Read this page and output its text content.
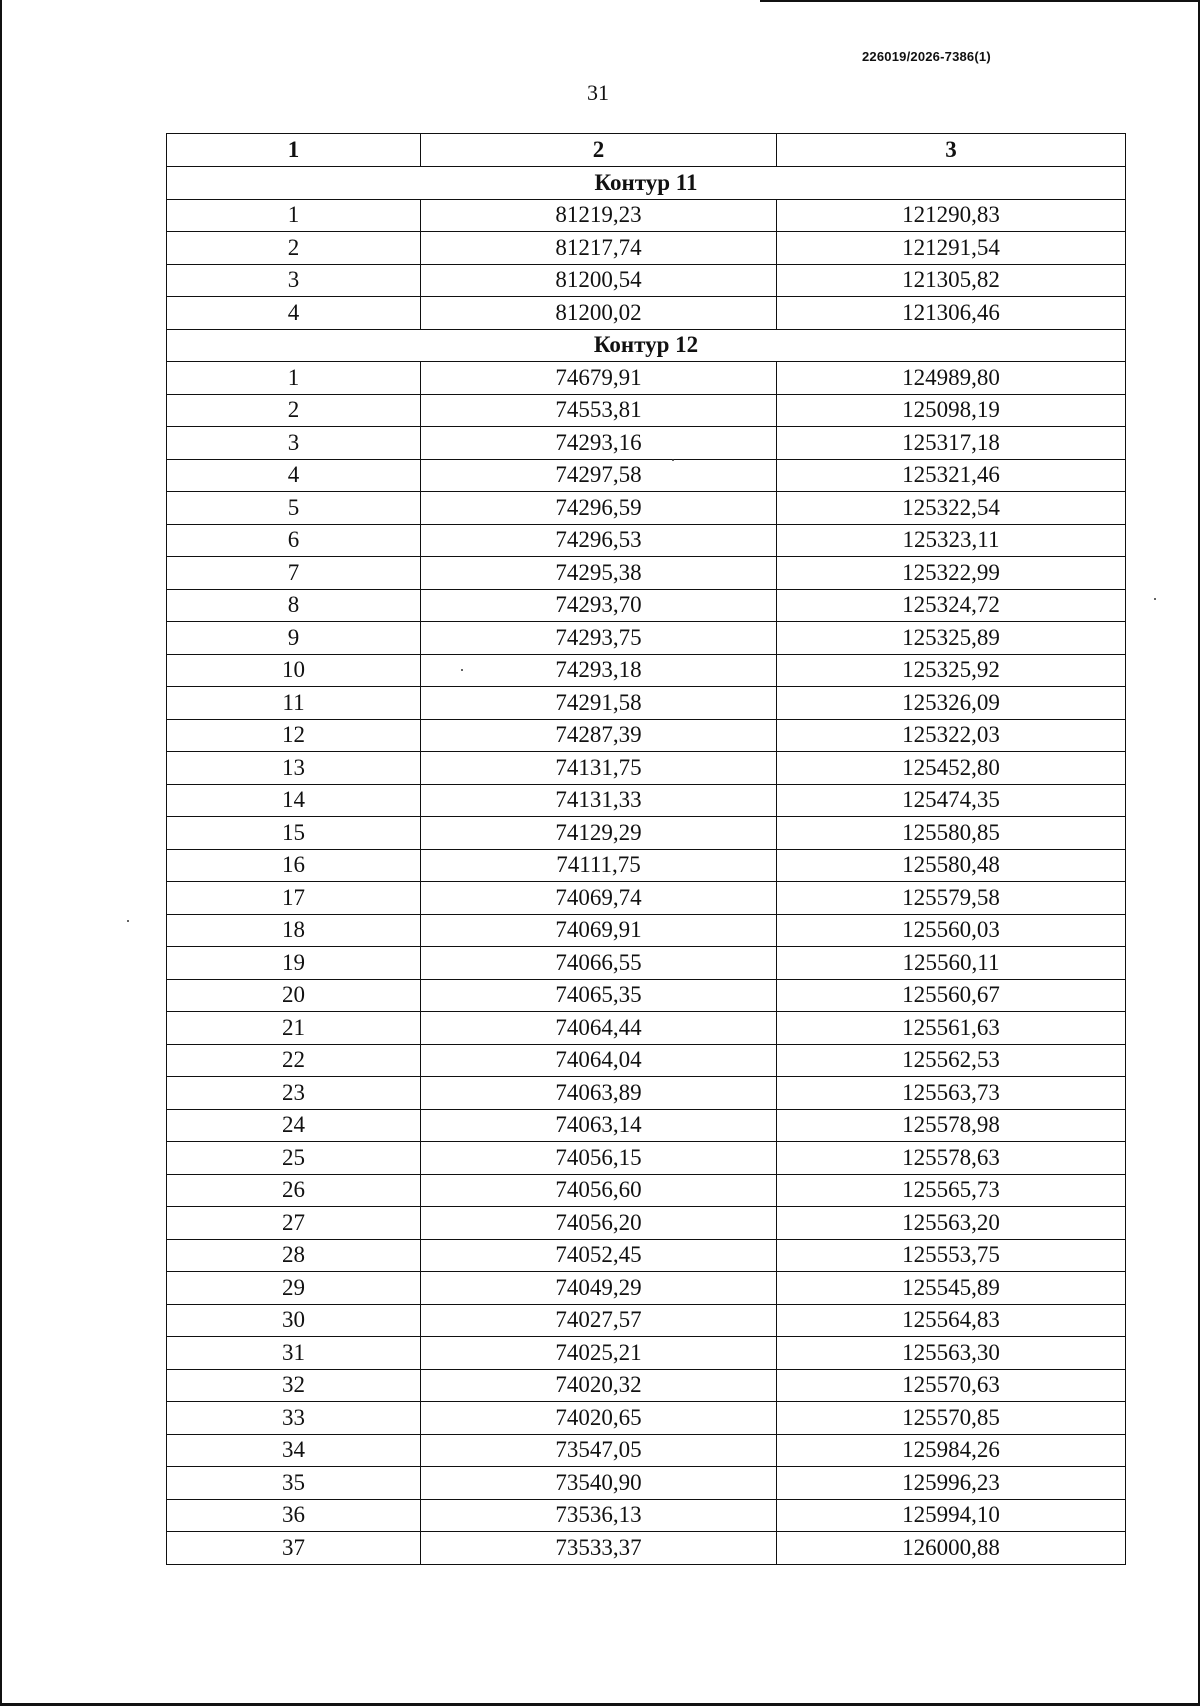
226019/2026-7386(1)
31
1	2	3
Контур 11		
1	81219,23	121290,83
2	81217,74	121291,54
3	81200,54	121305,82
4	81200,02	121306,46
Контур 12		
1	74679,91	124989,80
2	74553,81	125098,19
3	74293,16	125317,18
4	74297,58	125321,46
5	74296,59	125322,54
6	74296,53	125323,11
7	74295,38	125322,99
8	74293,70	125324,72
9	74293,75	125325,89
10	74293,18	125325,92
11	74291,58	125326,09
12	74287,39	125322,03
13	74131,75	125452,80
14	74131,33	125474,35
15	74129,29	125580,85
16	74111,75	125580,48
17	74069,74	125579,58
18	74069,91	125560,03
19	74066,55	125560,11
20	74065,35	125560,67
21	74064,44	125561,63
22	74064,04	125562,53
23	74063,89	125563,73
24	74063,14	125578,98
25	74056,15	125578,63
26	74056,60	125565,73
27	74056,20	125563,20
28	74052,45	125553,75
29	74049,29	125545,89
30	74027,57	125564,83
31	74025,21	125563,30
32	74020,32	125570,63
33	74020,65	125570,85
34	73547,05	125984,26
35	73540,90	125996,23
36	73536,13	125994,10
37	73533,37	126000,88
